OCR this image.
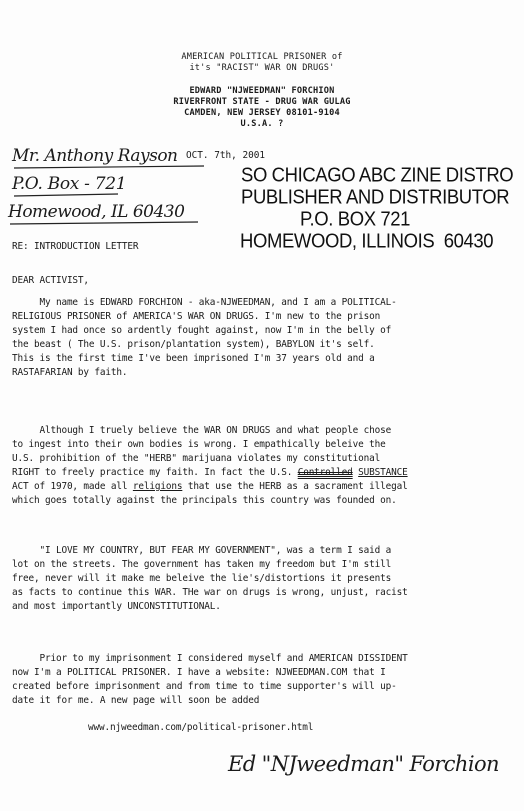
AMERICAN POLITICAL PRISONER of

it's "RACIST" WAR ON DRUGS'

EDWARD "NJWEEDMAN" FORCHION

RIVERFRONT STATE - DRUG WAR GULAG

CAMDEN, NEW JERSEY 08101-9104

U.S.A. ?

OCT. 7th, 2001

Mr. Anthony Rayson
P.O. Box - 721
Homewood, IL 60430
SO CHICAGO ABC ZINE DISTRO
PUBLISHER AND DISTRIBUTOR
P.O. BOX 721
HOMEWOOD, ILLINOIS  60430

RE: INTRODUCTION LETTER

DEAR ACTIVIST,

My name is EDWARD FORCHION - aka-NJWEEDMAN, and I am a POLITICAL-

RELIGIOUS PRISONER of AMERICA'S WAR ON DRUGS. I'm new to the prison

system I had once so ardently fought against, now I'm in the belly of

the beast ( The U.S. prison/plantation system), BABYLON it's self.

This is the first time I've been imprisoned I'm 37 years old and a

RASTAFARIAN by faith.

Although I truely believe the WAR ON DRUGS and what people chose

to ingest into their own bodies is wrong. I empathically beleive the

U.S. prohibition of the "HERB" marijuana violates my constitutional

RIGHT to freely practice my faith. In fact the U.S. Controlled SUBSTANCE

ACT of 1970, made all religions that use the HERB as a sacrament illegal

which goes totally against the principals this country was founded on.

"I LOVE MY COUNTRY, BUT FEAR MY GOVERNMENT", was a term I said a

lot on the streets. The government has taken my freedom but I'm still

free, never will it make me beleive the lie's/distortions it presents

as facts to continue this WAR. THe war on drugs is wrong, unjust, racist

and most importantly UNCONSTITUTIONAL.

Prior to my imprisonment I considered myself and AMERICAN DISSIDENT

now I'm a POLITICAL PRISONER. I have a website: NJWEEDMAN.COM that I

created before imprisonment and from time to time supporter's will up-

date it for me. A new page will soon be added

www.njweedman.com/political-prisoner.html

Ed "NJweedman" Forchion
